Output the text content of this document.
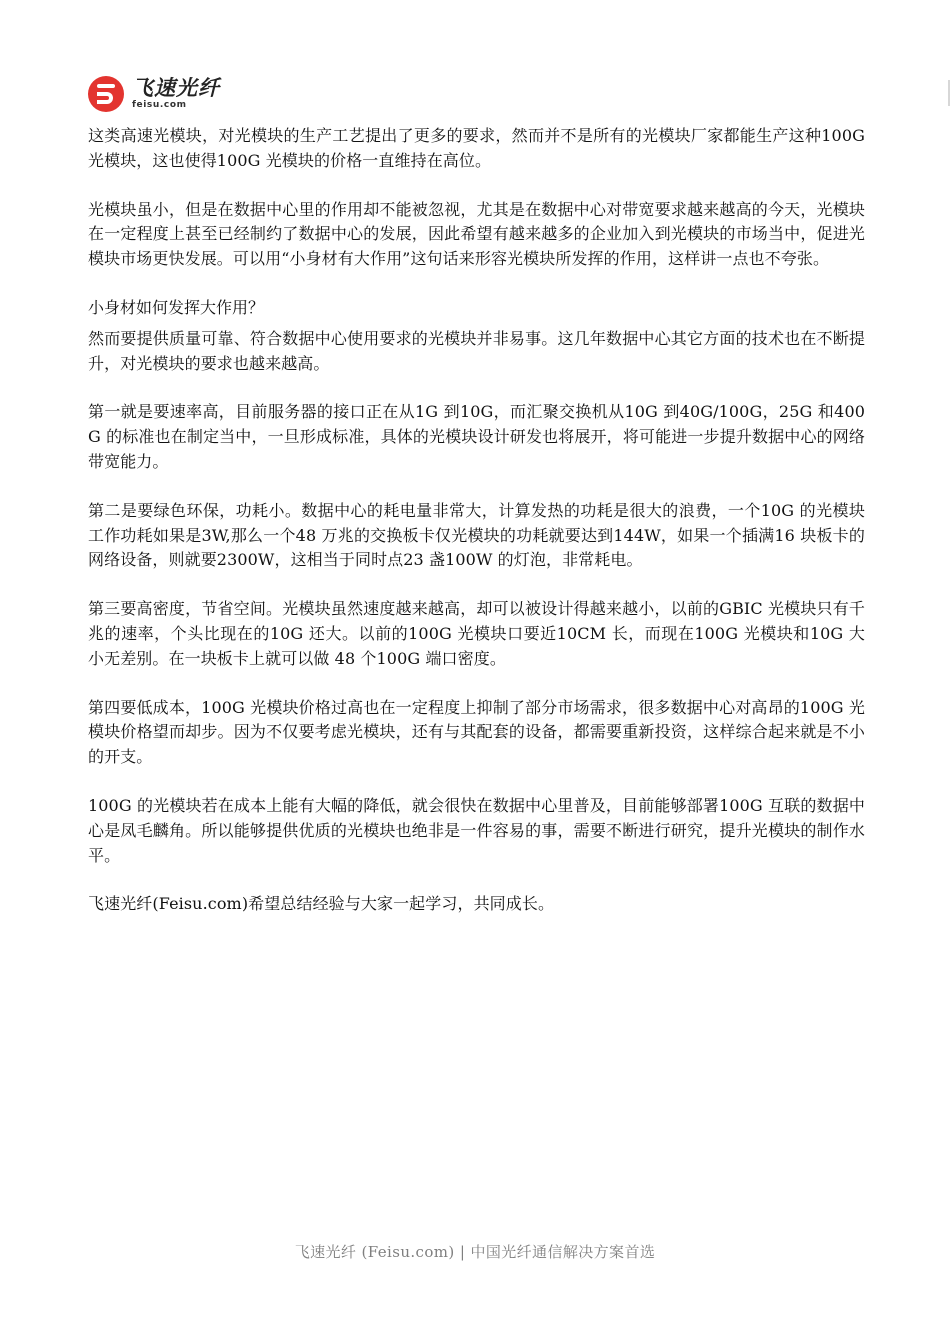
飞速光纤
feisu.com

这类高速光模块，对光模块的生产工艺提出了更多的要求，然而并不是所有的光模块厂家都能生产这种100G 光模块，这也使得100G 光模块的价格一直维持在高位。

光模块虽小，但是在数据中心里的作用却不能被忽视，尤其是在数据中心对带宽要求越来越高的今天，光模块在一定程度上甚至已经制约了数据中心的发展，因此希望有越来越多的企业加入到光模块的市场当中，促进光模块市场更快发展。可以用“小身材有大作用”这句话来形容光模块所发挥的作用，这样讲一点也不夸张。

小身材如何发挥大作用？

然而要提供质量可靠、符合数据中心使用要求的光模块并非易事。这几年数据中心其它方面的技术也在不断提升，对光模块的要求也越来越高。

第一就是要速率高，目前服务器的接口正在从1G 到10G，而汇聚交换机从10G 到40G/100G，25G 和400G 的标准也在制定当中，一旦形成标准，具体的光模块设计研发也将展开，将可能进一步提升数据中心的网络带宽能力。

第二是要绿色环保，功耗小。数据中心的耗电量非常大，计算发热的功耗是很大的浪费，一个10G 的光模块工作功耗如果是3W,那么一个48 万兆的交换板卡仅光模块的功耗就要达到144W，如果一个插满16 块板卡的网络设备，则就要2300W，这相当于同时点23 盏100W 的灯泡，非常耗电。

第三要高密度，节省空间。光模块虽然速度越来越高，却可以被设计得越来越小，以前的GBIC 光模块只有千兆的速率，个头比现在的10G 还大。以前的100G 光模块口要近10CM 长，而现在100G 光模块和10G 大小无差别。在一块板卡上就可以做 48 个100G 端口密度。

第四要低成本，100G 光模块价格过高也在一定程度上抑制了部分市场需求，很多数据中心对高昂的100G 光模块价格望而却步。因为不仅要考虑光模块，还有与其配套的设备，都需要重新投资，这样综合起来就是不小的开支。

100G 的光模块若在成本上能有大幅的降低，就会很快在数据中心里普及，目前能够部署100G 互联的数据中心是凤毛麟角。所以能够提供优质的光模块也绝非是一件容易的事，需要不断进行研究，提升光模块的制作水平。

飞速光纤(Feisu.com)希望总结经验与大家一起学习，共同成长。

飞速光纤 (Feisu.com) | 中国光纤通信解决方案首选
